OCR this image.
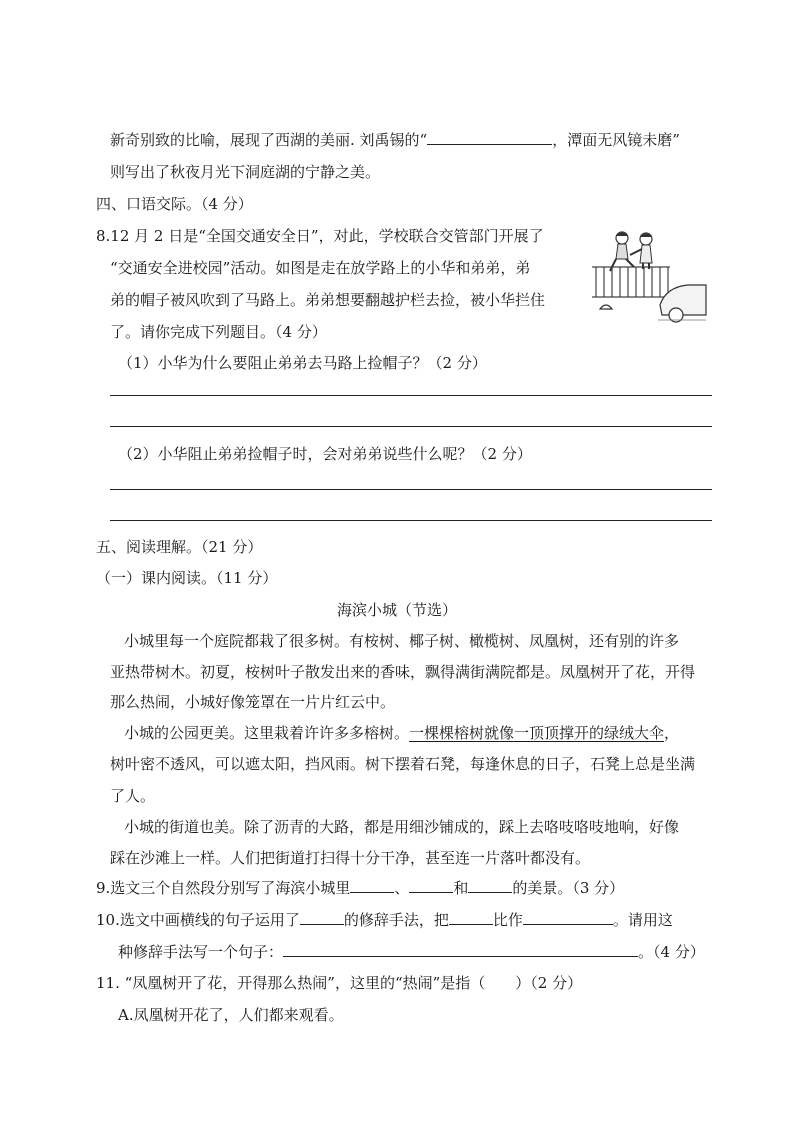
新奇别致的比喻，展现了西湖的美丽. 刘禹锡的“	，潭面无风镜未磨”
则写出了秋夜月光下洞庭湖的宁静之美。
四、口语交际。（4 分）
8.12 月 2 日是“全国交通安全日”，对此，学校联合交管部门开展了
“交通安全进校园”活动。如图是走在放学路上的小华和弟弟，弟
弟的帽子被风吹到了马路上。弟弟想要翻越护栏去捡，被小华拦住
了。请你完成下列题目。（4 分）
（1）小华为什么要阻止弟弟去马路上捡帽子？（2 分）
（2）小华阻止弟弟捡帽子时，会对弟弟说些什么呢？（2 分）
五、阅读理解。（21 分）
（一）课内阅读。（11 分）
海滨小城（节选）
小城里每一个庭院都栽了很多树。有桉树、椰子树、橄榄树、凤凰树，还有别的许多
亚热带树木。初夏，桉树叶子散发出来的香味，飘得满街满院都是。凤凰树开了花，开得
那么热闹，小城好像笼罩在一片片红云中。
小城的公园更美。这里栽着许许多多榕树。一棵棵榕树就像一顶顶撑开的绿绒大伞，
树叶密不透风，可以遮太阳，挡风雨。树下摆着石凳，每逢休息的日子，石凳上总是坐满
了人。
小城的街道也美。除了沥青的大路，都是用细沙铺成的，踩上去咯吱咯吱地响，好像
踩在沙滩上一样。人们把街道打扫得十分干净，甚至连一片落叶都没有。
9.选文三个自然段分别写了海滨小城里	、	和	的美景。（3 分）
10.选文中画横线的句子运用了	的修辞手法，把	比作	。请用这
种修辞手法写一个句子：	。（4 分）
11. “凤凰树开了花，开得那么热闹”，这里的“热闹”是指（　　）（2 分）
A.凤凰树开花了，人们都来观看。
